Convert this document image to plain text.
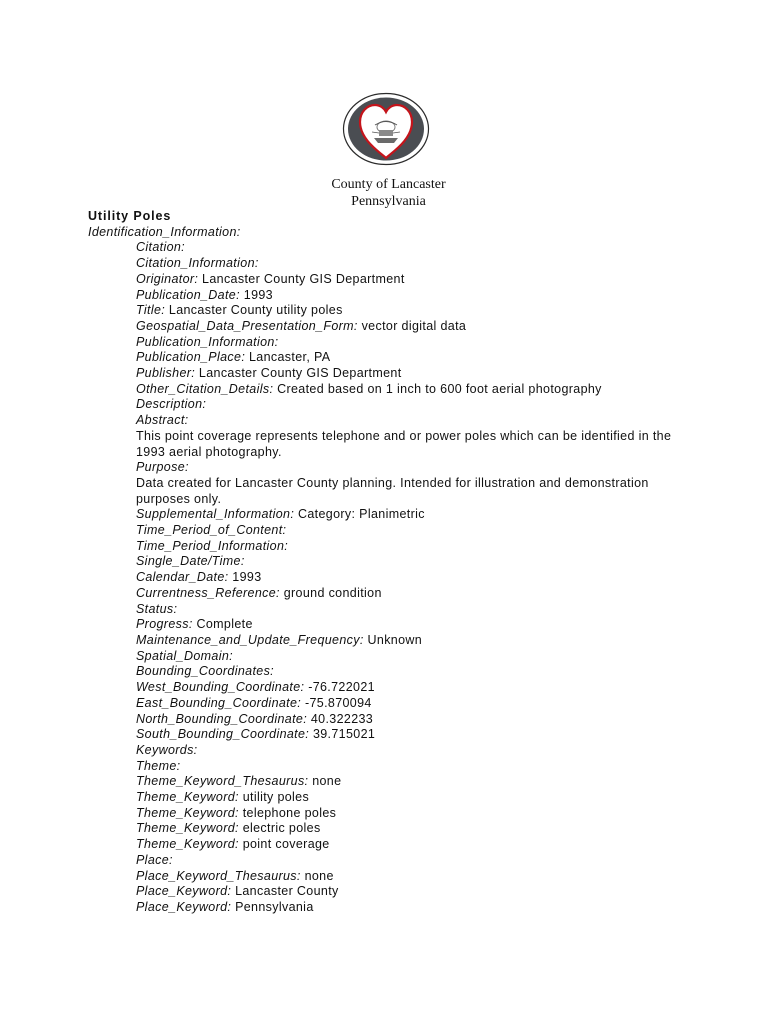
County of Lancaster
Pennsylvania
Utility Poles
Identification_Information:
Citation:
Citation_Information:
Originator: Lancaster County GIS Department
Publication_Date: 1993
Title: Lancaster County utility poles
Geospatial_Data_Presentation_Form: vector digital data
Publication_Information:
Publication_Place: Lancaster, PA
Publisher: Lancaster County GIS Department
Other_Citation_Details: Created based on 1 inch to 600 foot aerial photography
Description:
Abstract:
This point coverage represents telephone and or power poles which can be identified in the 1993 aerial photography.
Purpose:
Data created for Lancaster County planning. Intended for illustration and demonstration purposes only.
Supplemental_Information: Category: Planimetric
Time_Period_of_Content:
Time_Period_Information:
Single_Date/Time:
Calendar_Date: 1993
Currentness_Reference: ground condition
Status:
Progress: Complete
Maintenance_and_Update_Frequency: Unknown
Spatial_Domain:
Bounding_Coordinates:
West_Bounding_Coordinate: -76.722021
East_Bounding_Coordinate: -75.870094
North_Bounding_Coordinate: 40.322233
South_Bounding_Coordinate: 39.715021
Keywords:
Theme:
Theme_Keyword_Thesaurus: none
Theme_Keyword: utility poles
Theme_Keyword: telephone poles
Theme_Keyword: electric poles
Theme_Keyword: point coverage
Place:
Place_Keyword_Thesaurus: none
Place_Keyword: Lancaster County
Place_Keyword: Pennsylvania
